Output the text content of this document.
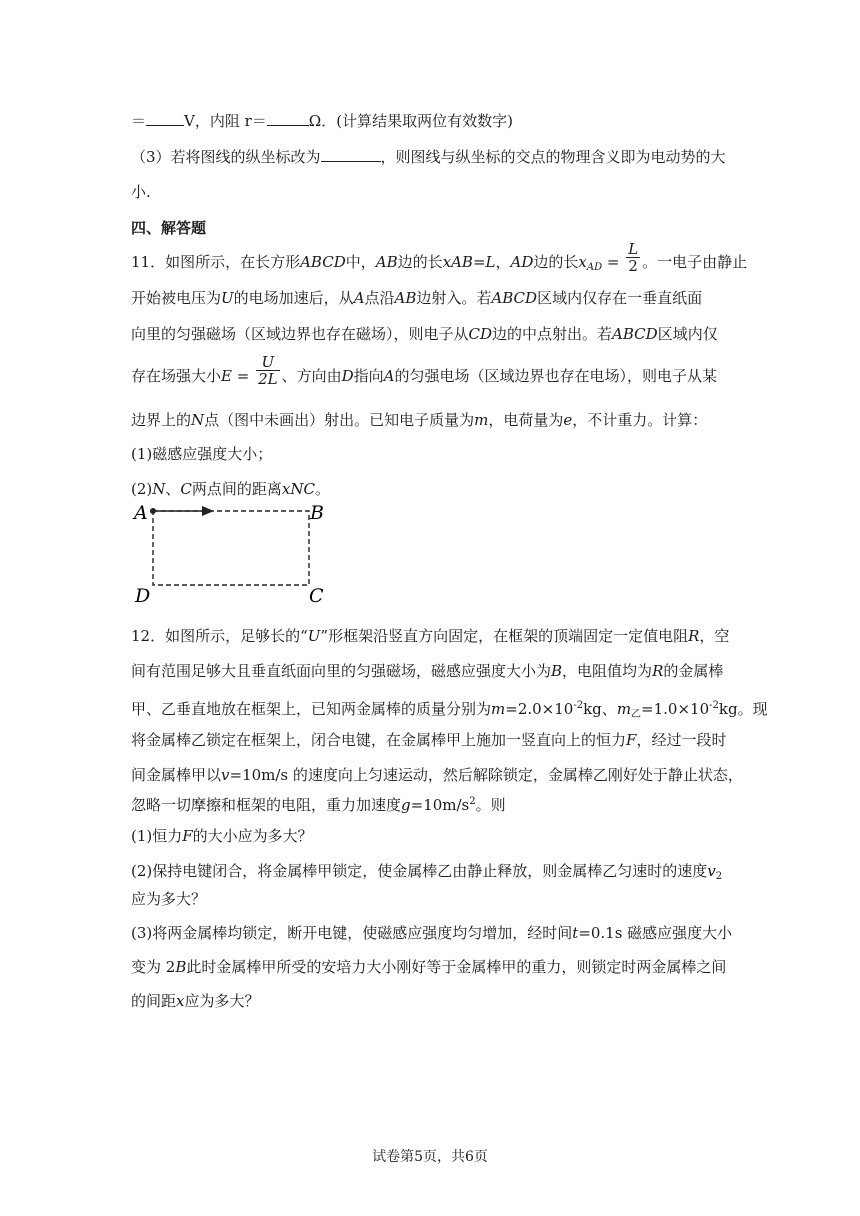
＝	V，内阻 r＝	Ω．(计算结果取两位有效数字)
（3）若将图线的纵坐标改为	，则图线与纵坐标的交点的物理含义即为电动势的大
小.
四、解答题
11．如图所示，在长方形ABCD中，AB边的长xAB=L，AD边的长$x_{AD} = \frac{L}{2}$ 。一电子由静止
开始被电压为U的电场加速后，从A点沿AB边射入。若ABCD区域内仅存在一垂直纸面
向里的匀强磁场（区域边界也存在磁场），则电子从CD边的中点射出。若ABCD区域内仅
存在场强大小$E = \frac{U}{2L}$ 、方向由D指向A的匀强电场（区域边界也存在电场），则电子从某
边界上的N点（图中未画出）射出。已知电子质量为m，电荷量为e，不计重力。计算：
(1)磁感应强度大小；
(2)N、C两点间的距离xNC。
A	B
C
D
12．如图所示，足够长的“U”形框架沿竖直方向固定，在框架的顶端固定一定值电阻R，空
间有范围足够大且垂直纸面向里的匀强磁场，磁感应强度大小为B，电阻值均为R的金属棒
甲、乙垂直地放在框架上，已知两金属棒的质量分别为$m=2.0\times 10^{-2}kg$、$m_乙=1.0\times 10^{-2}kg$。现
将金属棒乙锁定在框架上，闭合电键，在金属棒甲上施加一竖直向上的恒力F，经过一段时
间金属棒甲以v=10m/s 的速度向上匀速运动，然后解除锁定，金属棒乙刚好处于静止状态，
忽略一切摩擦和框架的电阻，重力加速度$g=10m/s^2$。则
(1)恒力F的大小应为多大？
(2)保持电键闭合，将金属棒甲锁定，使金属棒乙由静止释放，则金属棒乙匀速时的速度$v_2$
应为多大？
(3)将两金属棒均锁定，断开电键，使磁感应强度均匀增加，经时间t=0.1s 磁感应强度大小
变为 2B此时金属棒甲所受的安培力大小刚好等于金属棒甲的重力，则锁定时两金属棒之间
的间距x应为多大？
试卷第5页，共6页
